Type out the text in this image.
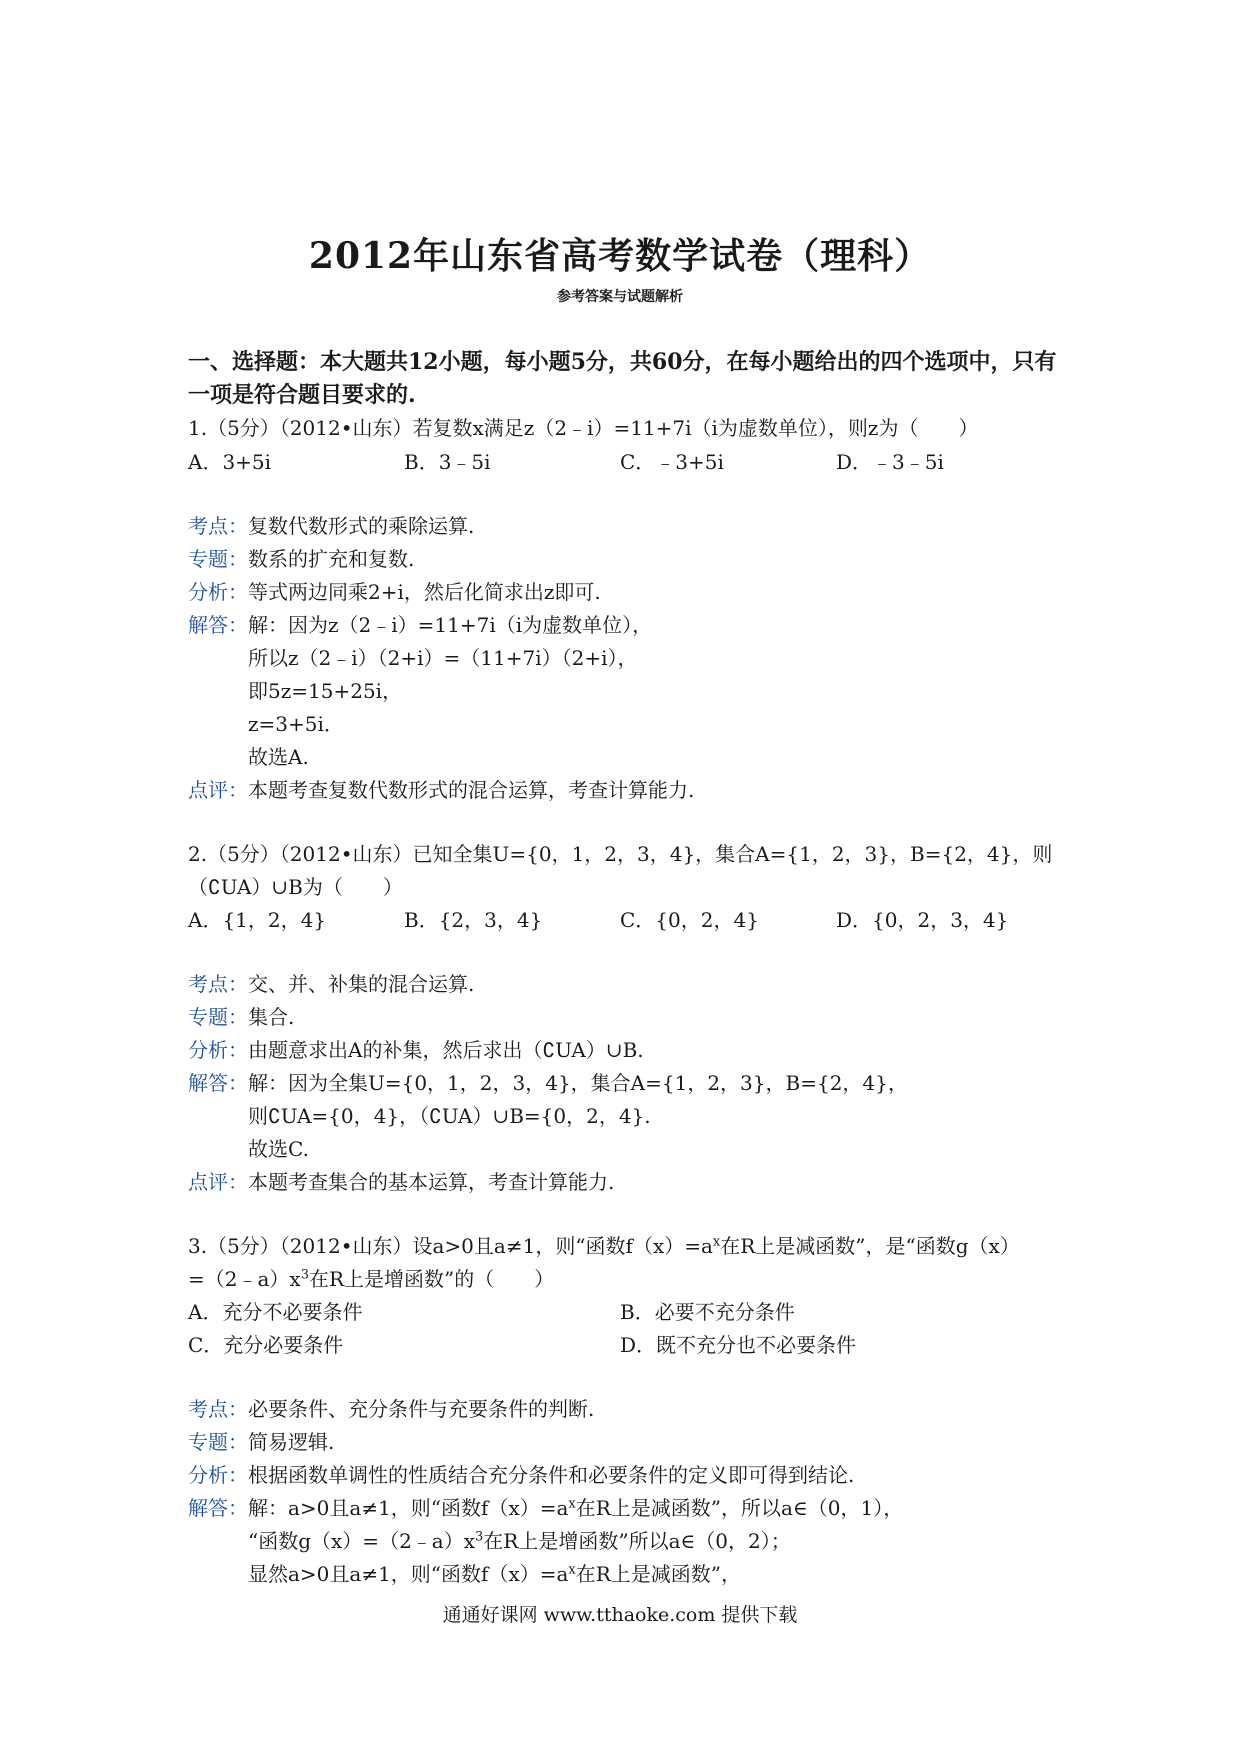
2012年山东省高考数学试卷（理科）
参考答案与试题解析
一、选择题：本大题共12小题，每小题5分，共60分，在每小题给出的四个选项中，只有一项是符合题目要求的.
1.（5分）（2012•山东）若复数x满足z（2﹣i）=11+7i（i为虚数单位），则z为（　　）
A．3+5i	B．3﹣5i	C．﹣3+5i	D．﹣3﹣5i
考点：复数代数形式的乘除运算.
专题：数系的扩充和复数.
分析：等式两边同乘2+i，然后化简求出z即可.
解答：解：因为z（2﹣i）=11+7i（i为虚数单位），
所以z（2﹣i）（2+i）=（11+7i）（2+i），
即5z=15+25i，
z=3+5i．
故选A.
点评：本题考查复数代数形式的混合运算，考查计算能力.
2.（5分）（2012•山东）已知全集U={0，1，2，3，4}，集合A={1，2，3}，B={2，4}，则
（∁UA）∪B为（　　）
A．{1，2，4}	B．{2，3，4}	C．{0，2，4}	D．{0，2，3，4}
考点：交、并、补集的混合运算.
专题：集合.
分析：由题意求出A的补集，然后求出（∁UA）∪B.
解答：解：因为全集U={0，1，2，3，4}，集合A={1，2，3}，B={2，4}，
则∁UA={0，4}，（∁UA）∪B={0，2，4}.
故选C.
点评：本题考查集合的基本运算，考查计算能力.
3.（5分）（2012•山东）设a>0且a≠1，则“函数$f(x)=a^x$在R上是减函数”，是“函数g（x）
$=(2﹣a)x^3$在R上是增函数”的（　　）
A．充分不必要条件	B．必要不充分条件
C．充分必要条件	D．既不充分也不必要条件
考点：必要条件、充分条件与充要条件的判断.
专题：简易逻辑.
分析：根据函数单调性的性质结合充分条件和必要条件的定义即可得到结论.
解答：解：a>0且a≠1，则“函数$f(x)=a^x$在R上是减函数”，所以a∈（0，1），
“函数$g(x)=(2﹣a)x^3$在R上是增函数”所以a∈（0，2）；
显然a>0且a≠1，则“函数$f(x)=a^x$在R上是减函数”，
通通好课网 www.tthaoke.com 提供下载
